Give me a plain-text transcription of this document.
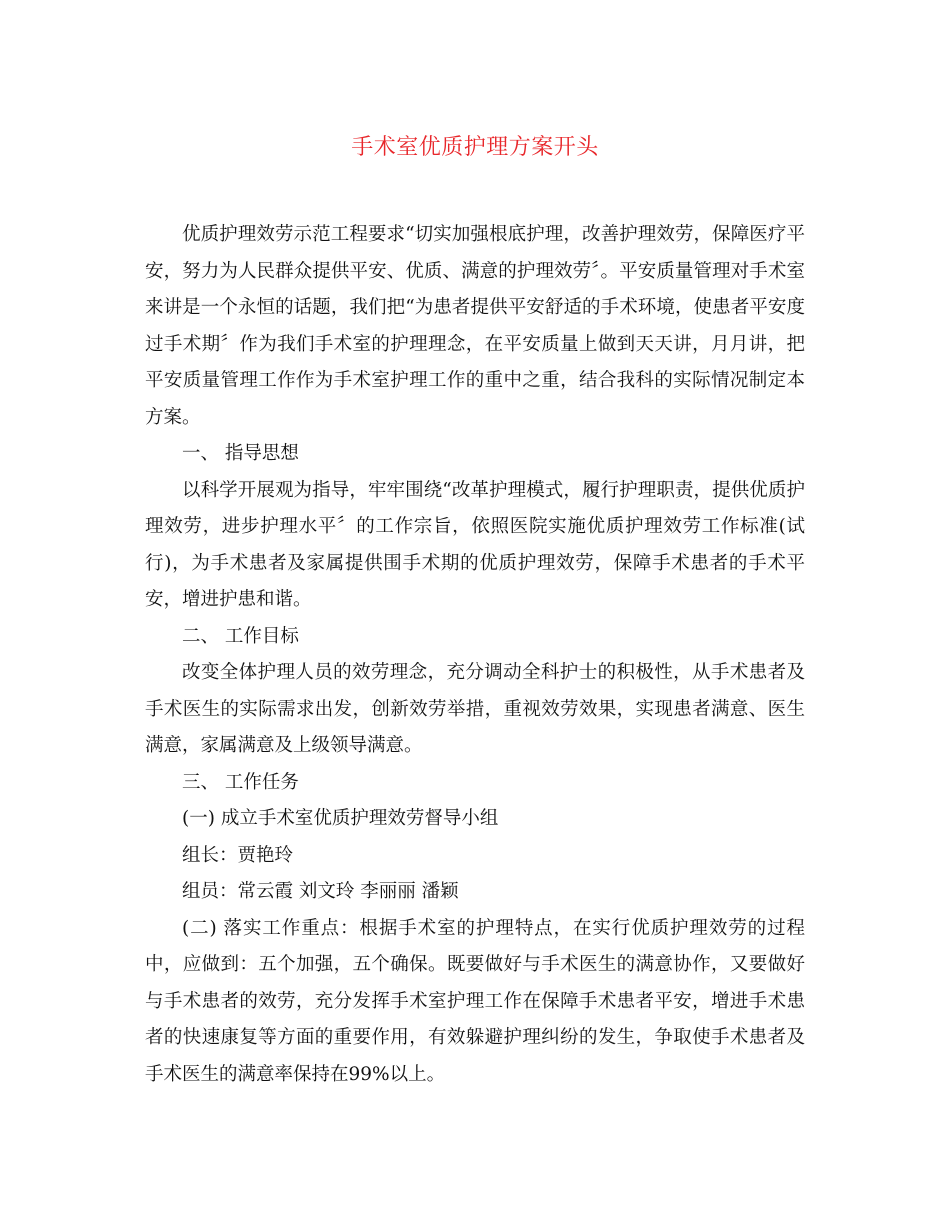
手术室优质护理方案开头

优质护理效劳示范工程要求“切实加强根底护理，改善护理效劳，保障医疗平安，努力为人民群众提供平安、优质、满意的护理效劳〞。平安质量管理对手术室来讲是一个永恒的话题，我们把“为患者提供平安舒适的手术环境，使患者平安度过手术期〞作为我们手术室的护理理念，在平安质量上做到天天讲，月月讲，把平安质量管理工作作为手术室护理工作的重中之重，结合我科的实际情况制定本方案。

一、 指导思想

以科学开展观为指导，牢牢围绕“改革护理模式，履行护理职责，提供优质护理效劳，进步护理水平〞的工作宗旨，依照医院实施优质护理效劳工作标准(试行)，为手术患者及家属提供围手术期的优质护理效劳，保障手术患者的手术平安，增进护患和谐。

二、 工作目标

改变全体护理人员的效劳理念，充分调动全科护士的积极性，从手术患者及手术医生的实际需求出发，创新效劳举措，重视效劳效果，实现患者满意、医生满意，家属满意及上级领导满意。

三、 工作任务

(一) 成立手术室优质护理效劳督导小组

组长：贾艳玲

组员：常云霞 刘文玲 李丽丽 潘颖

(二) 落实工作重点：根据手术室的护理特点，在实行优质护理效劳的过程中，应做到：五个加强，五个确保。既要做好与手术医生的满意协作，又要做好与手术患者的效劳，充分发挥手术室护理工作在保障手术患者平安，增进手术患者的快速康复等方面的重要作用，有效躲避护理纠纷的发生，争取使手术患者及手术医生的满意率保持在99%以上。
